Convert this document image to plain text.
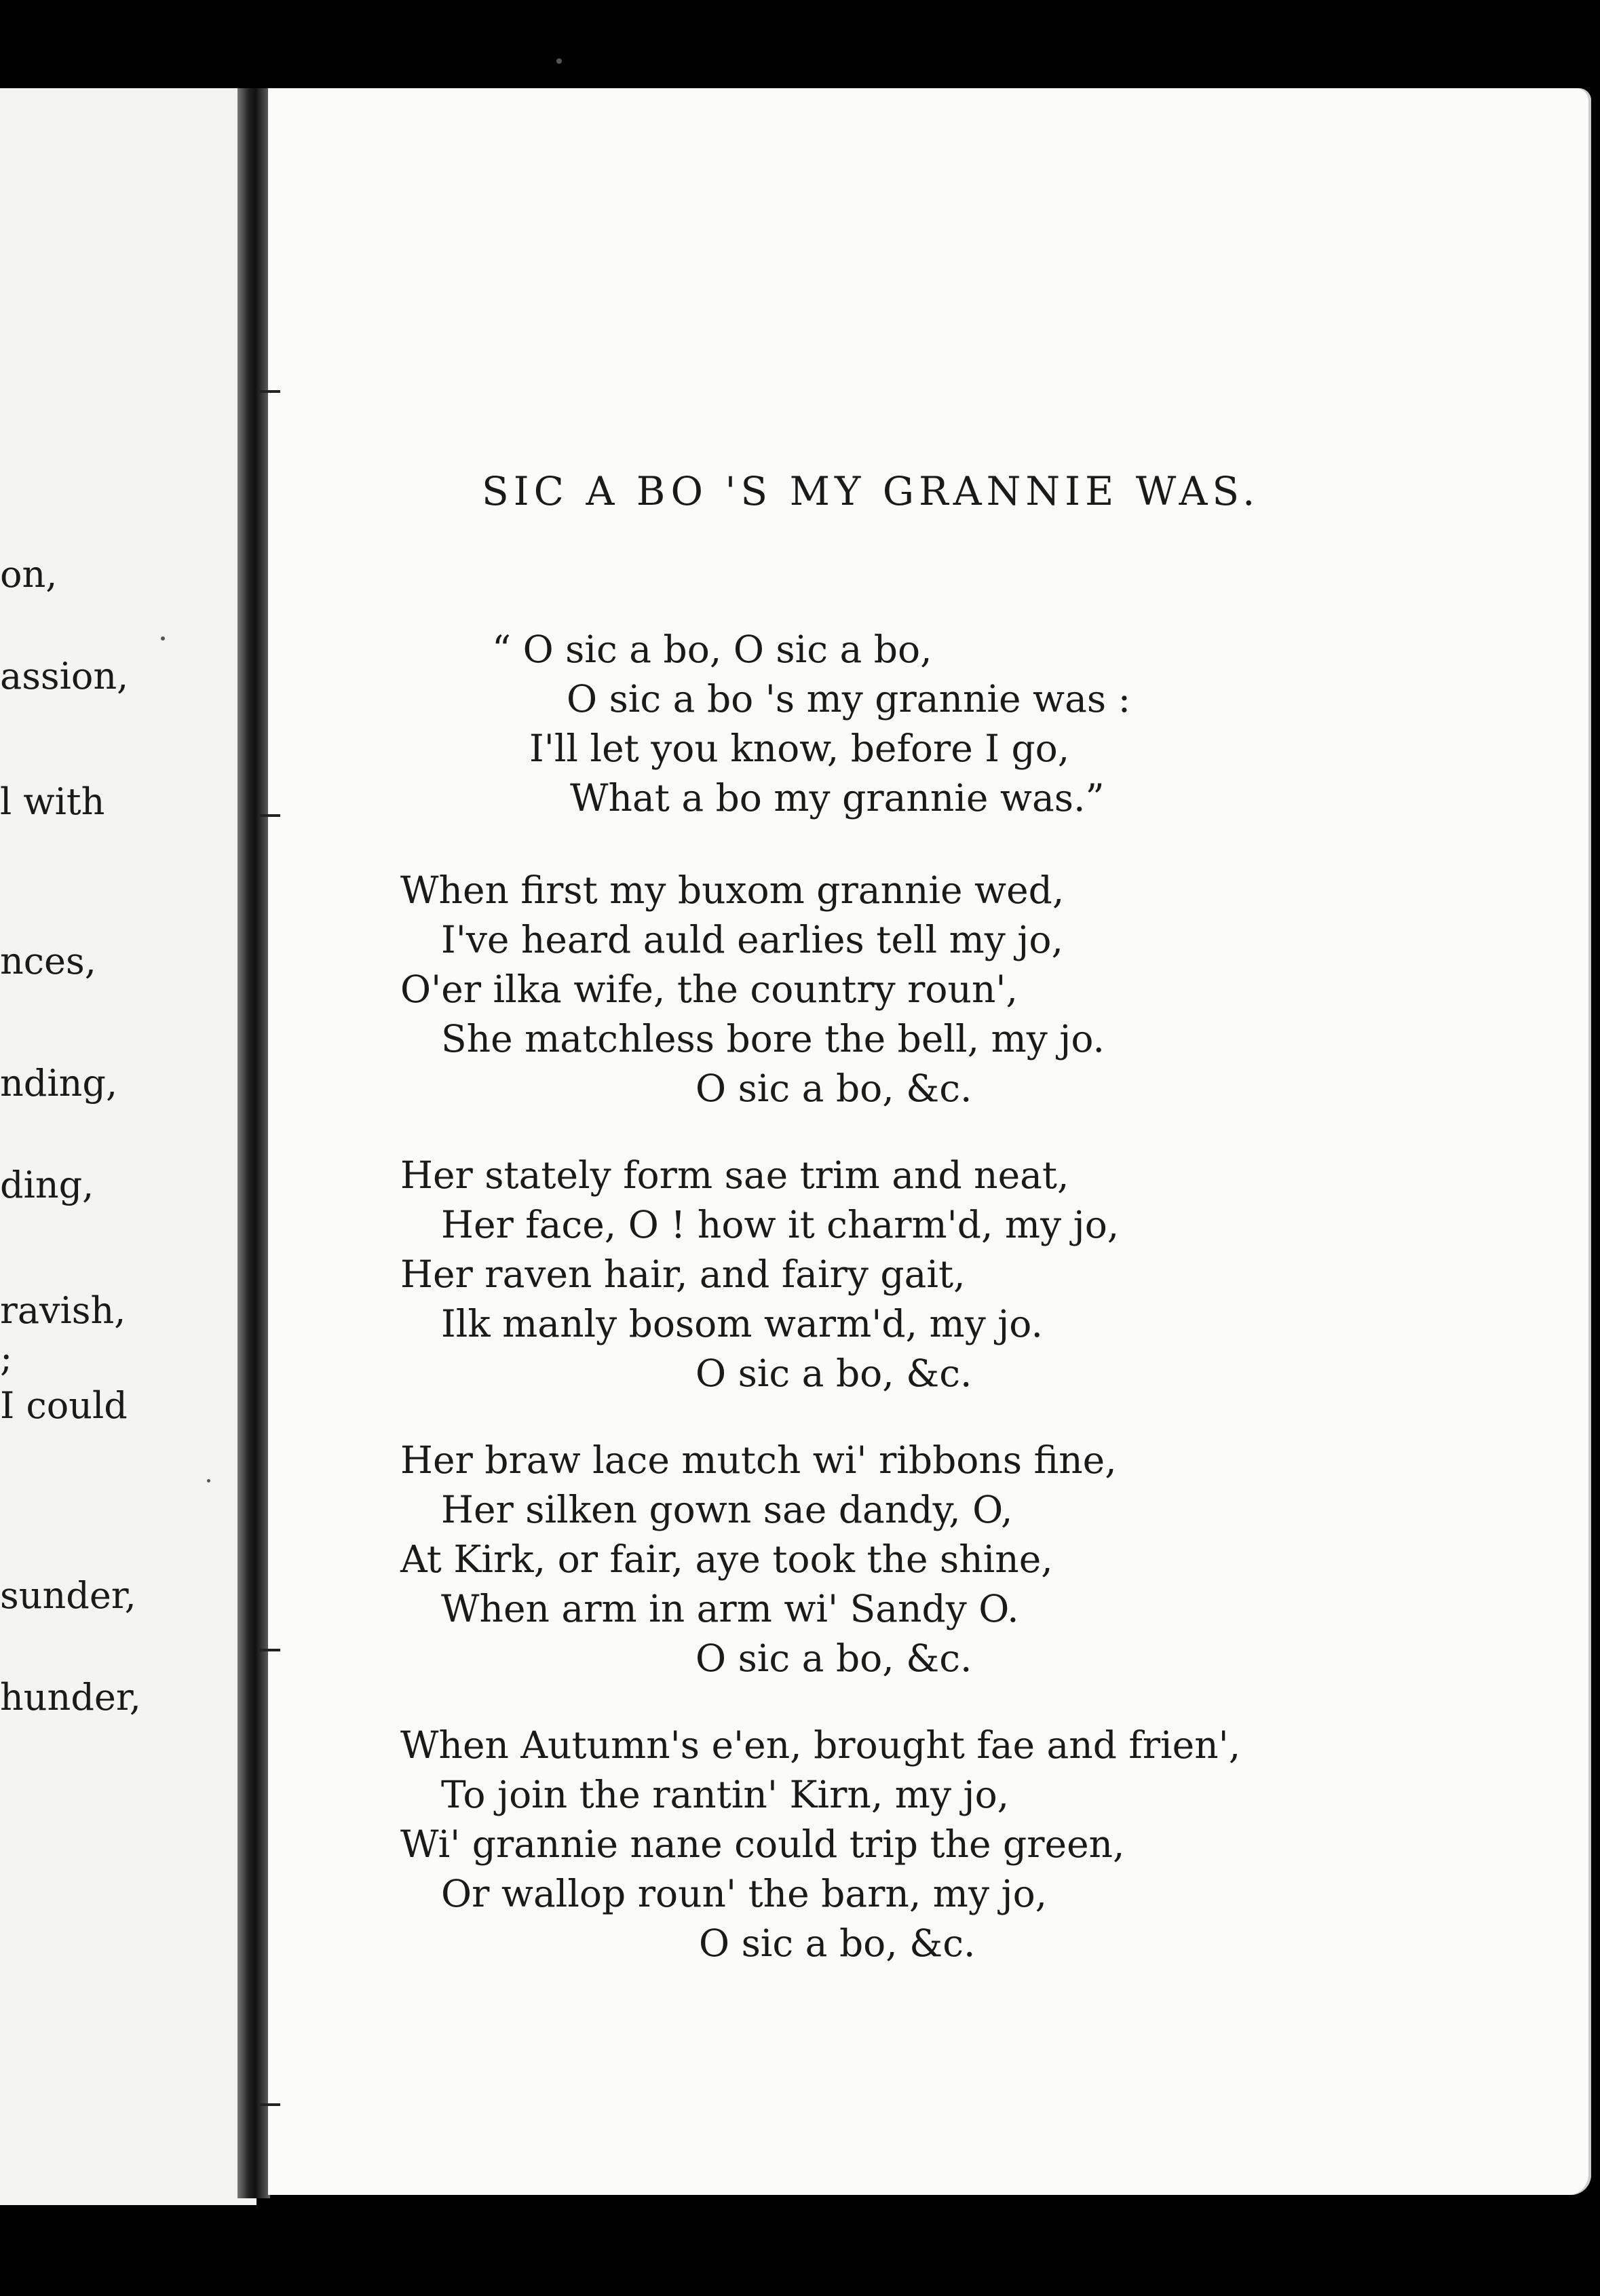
on,
assion,
l with
nces,
nding,
ding,
ravish,
;
I could
sunder,
hunder,
SIC A BO 'S MY GRANNIE WAS.
“ O sic a bo, O sic a bo,
O sic a bo 's my grannie was :
I'll let you know, before I go,
What a bo my grannie was.”
When first my buxom grannie wed,
I've heard auld earlies tell my jo,
O'er ilka wife, the country roun',
She matchless bore the bell, my jo.
O sic a bo, &c.
Her stately form sae trim and neat,
Her face, O ! how it charm'd, my jo,
Her raven hair, and fairy gait,
Ilk manly bosom warm'd, my jo.
O sic a bo, &c.
Her braw lace mutch wi' ribbons fine,
Her silken gown sae dandy, O,
At Kirk, or fair, aye took the shine,
When arm in arm wi' Sandy O.
O sic a bo, &c.
When Autumn's e'en, brought fae and frien',
To join the rantin' Kirn, my jo,
Wi' grannie nane could trip the green,
Or wallop roun' the barn, my jo,
O sic a bo, &c.
